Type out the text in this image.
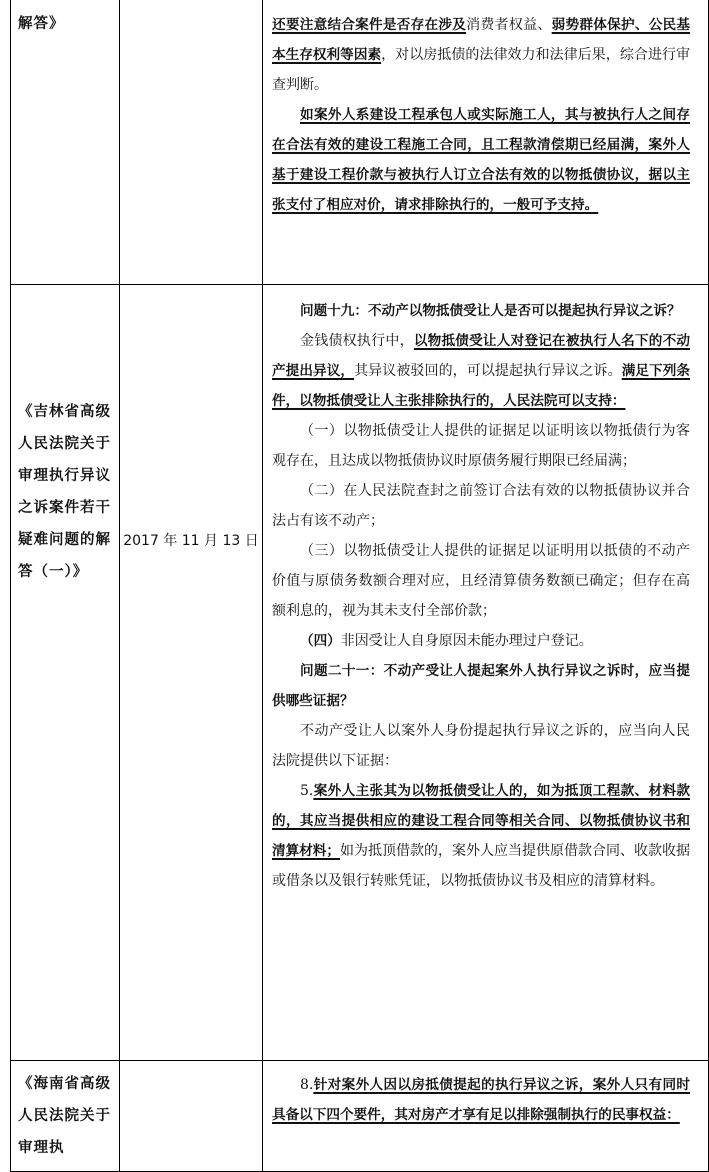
解答》	还要注意结合案件是否存在涉及消费者权益、弱势群体保护、公民基本生存权利等因素，对以房抵债的法律效力和法律后果，综合进行审查判断。

如案外人系建设工程承包人或实际施工人，其与被执行人之间存在合法有效的建设工程施工合同，且工程款清偿期已经届满，案外人基于建设工程价款与被执行人订立合法有效的以物抵债协议，据以主张支付了相应对价，请求排除执行的，一般可予支持。

《吉林省高级人民法院关于审理执行异议之诉案件若干疑难问题的解答（一）》
2017 年 11 月 13 日

问题十九：不动产以物抵债受让人是否可以提起执行异议之诉？

金钱债权执行中，以物抵债受让人对登记在被执行人名下的不动产提出异议，其异议被驳回的，可以提起执行异议之诉。满足下列条件，以物抵债受让人主张排除执行的，人民法院可以支持：

（一）以物抵债受让人提供的证据足以证明该以物抵债行为客观存在，且达成以物抵债协议时原债务履行期限已经届满；

（二）在人民法院查封之前签订合法有效的以物抵债协议并合法占有该不动产；

（三）以物抵债受让人提供的证据足以证明用以抵债的不动产价值与原债务数额合理对应，且经清算债务数额已确定；但存在高额利息的，视为其未支付全部价款；

（四）非因受让人自身原因未能办理过户登记。

问题二十一：不动产受让人提起案外人执行异议之诉时，应当提供哪些证据？

不动产受让人以案外人身份提起执行异议之诉的，应当向人民法院提供以下证据：

5.案外人主张其为以物抵债受让人的，如为抵顶工程款、材料款的，其应当提供相应的建设工程合同等相关合同、以物抵债协议书和清算材料；如为抵顶借款的，案外人应当提供原借款合同、收款收据或借条以及银行转账凭证，以物抵债协议书及相应的清算材料。

《海南省高级人民法院关于审理执

8.针对案外人因以房抵债提起的执行异议之诉，案外人只有同时具备以下四个要件，其对房产才享有足以排除强制执行的民事权益：
